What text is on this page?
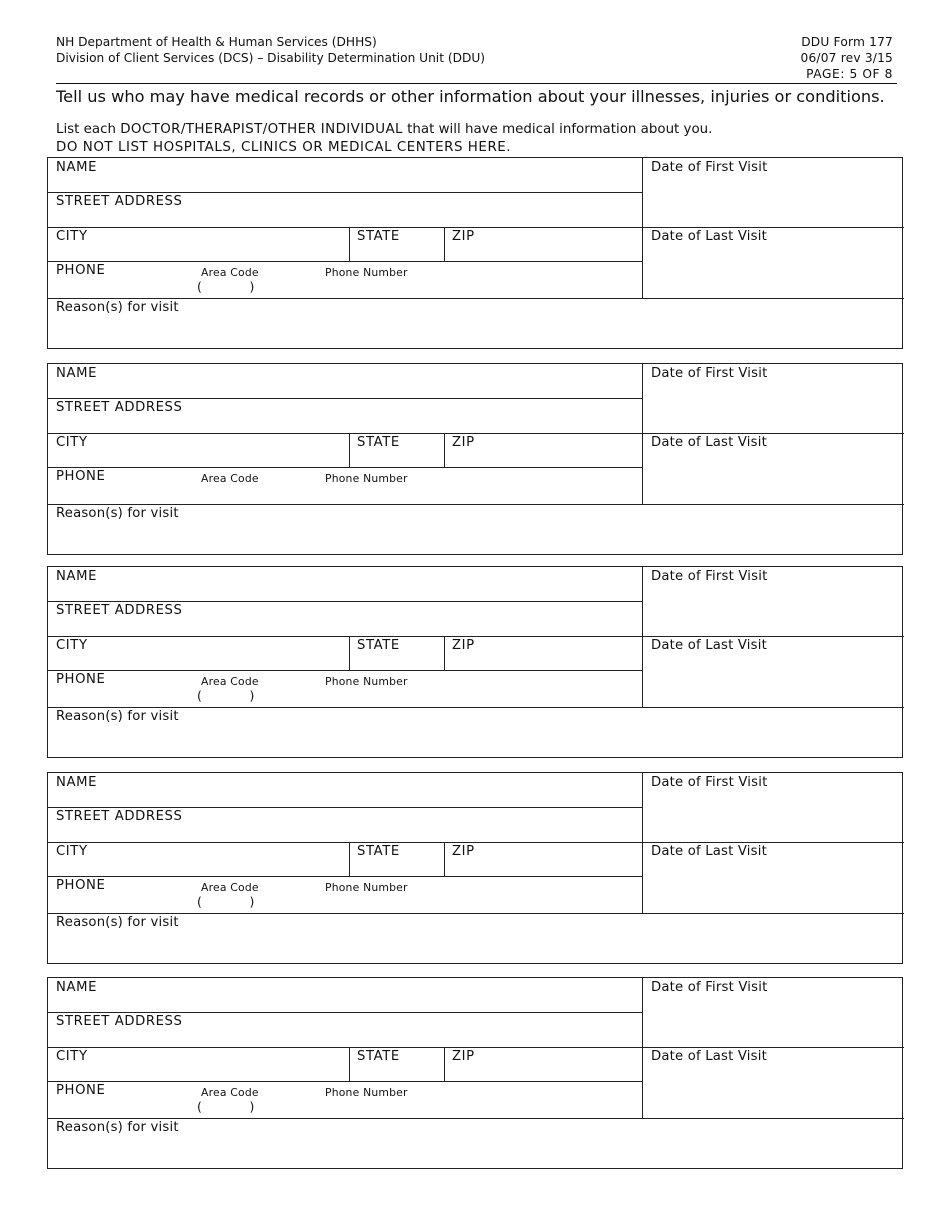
NH Department of Health & Human Services (DHHS)
Division of Client Services (DCS) – Disability Determination Unit (DDU)
DDU Form 177
06/07 rev 3/15
PAGE: 5 OF 8
Tell us who may have medical records or other information about your illnesses, injuries or conditions.
List each DOCTOR/THERAPIST/OTHER INDIVIDUAL that will have medical information about you.
DO NOT LIST HOSPITALS, CLINICS OR MEDICAL CENTERS HERE.
NAME
STREET ADDRESS
CITY	STATE	ZIP
PHONE	Area Code	Phone Number
(            )
Date of First Visit
Date of Last Visit
Reason(s) for visit
NAME
STREET ADDRESS
CITY	STATE	ZIP
PHONE	Area Code	Phone Number
Date of First Visit
Date of Last Visit
Reason(s) for visit
NAME
STREET ADDRESS
CITY	STATE	ZIP
PHONE	Area Code	Phone Number
(            )
Date of First Visit
Date of Last Visit
Reason(s) for visit
NAME
STREET ADDRESS
CITY	STATE	ZIP
PHONE	Area Code	Phone Number
(            )
Date of First Visit
Date of Last Visit
Reason(s) for visit
NAME
STREET ADDRESS
CITY	STATE	ZIP
PHONE	Area Code	Phone Number
(            )
Date of First Visit
Date of Last Visit
Reason(s) for visit
